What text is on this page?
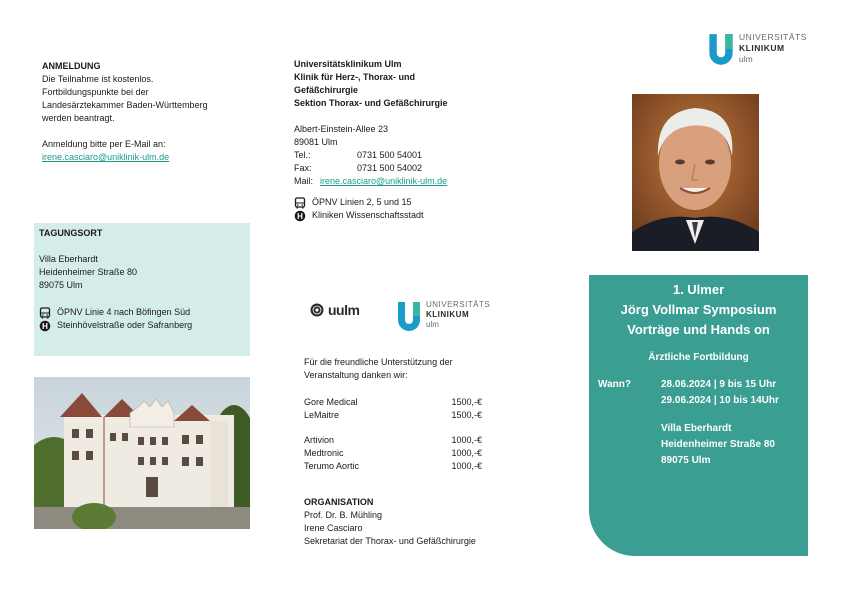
ANMELDUNG
Die Teilnahme ist kostenlos.
Fortbildungspunkte bei der
Landesärztekammer Baden-Württemberg
werden beantragt.
Anmeldung bitte per E-Mail an:
irene.casciaro@uniklinik-ulm.de
TAGUNGSORT
Villa Eberhardt
Heidenheimer Straße 80
89075 Ulm
ÖPNV Linie 4 nach Böfingen Süd
H Steinhövelstraße oder Safranberg
Universitätsklinikum Ulm
Klinik für Herz-, Thorax- und
Gefäßchirurgie
Sektion Thorax- und Gefäßchirurgie
Albert-Einstein-Allee 23
89081 Ulm
Tel.:	0731 500 54001
Fax:	0731 500 54002
Mail: irene.casciaro@uniklinik-ulm.de
ÖPNV Linien 2, 5 und 15
H Kliniken Wissenschaftsstadt
uulm	UNIVERSITÄTS
KLINIKUM
ulm
Für die freundliche Unterstützung der
Veranstaltung danken wir:
Gore Medical	1500,-€
LeMaitre	1500,-€
Artivion	1000,-€
Medtronic	1000,-€
Terumo Aortic	1000,-€
ORGANISATION
Prof. Dr. B. Mühling
Irene Casciaro
Sekretariat der Thorax- und Gefäßchirurgie
UNIVERSITÄTS
KLINIKUM
ulm
1. Ulmer
Jörg Vollmar Symposium
Vorträge und Hands on
Ärztliche Fortbildung
Wann?	28.06.2024 | 9 bis 15 Uhr
29.06.2024 | 10 bis 14Uhr
Villa Eberhardt
Heidenheimer Straße 80
89075 Ulm
